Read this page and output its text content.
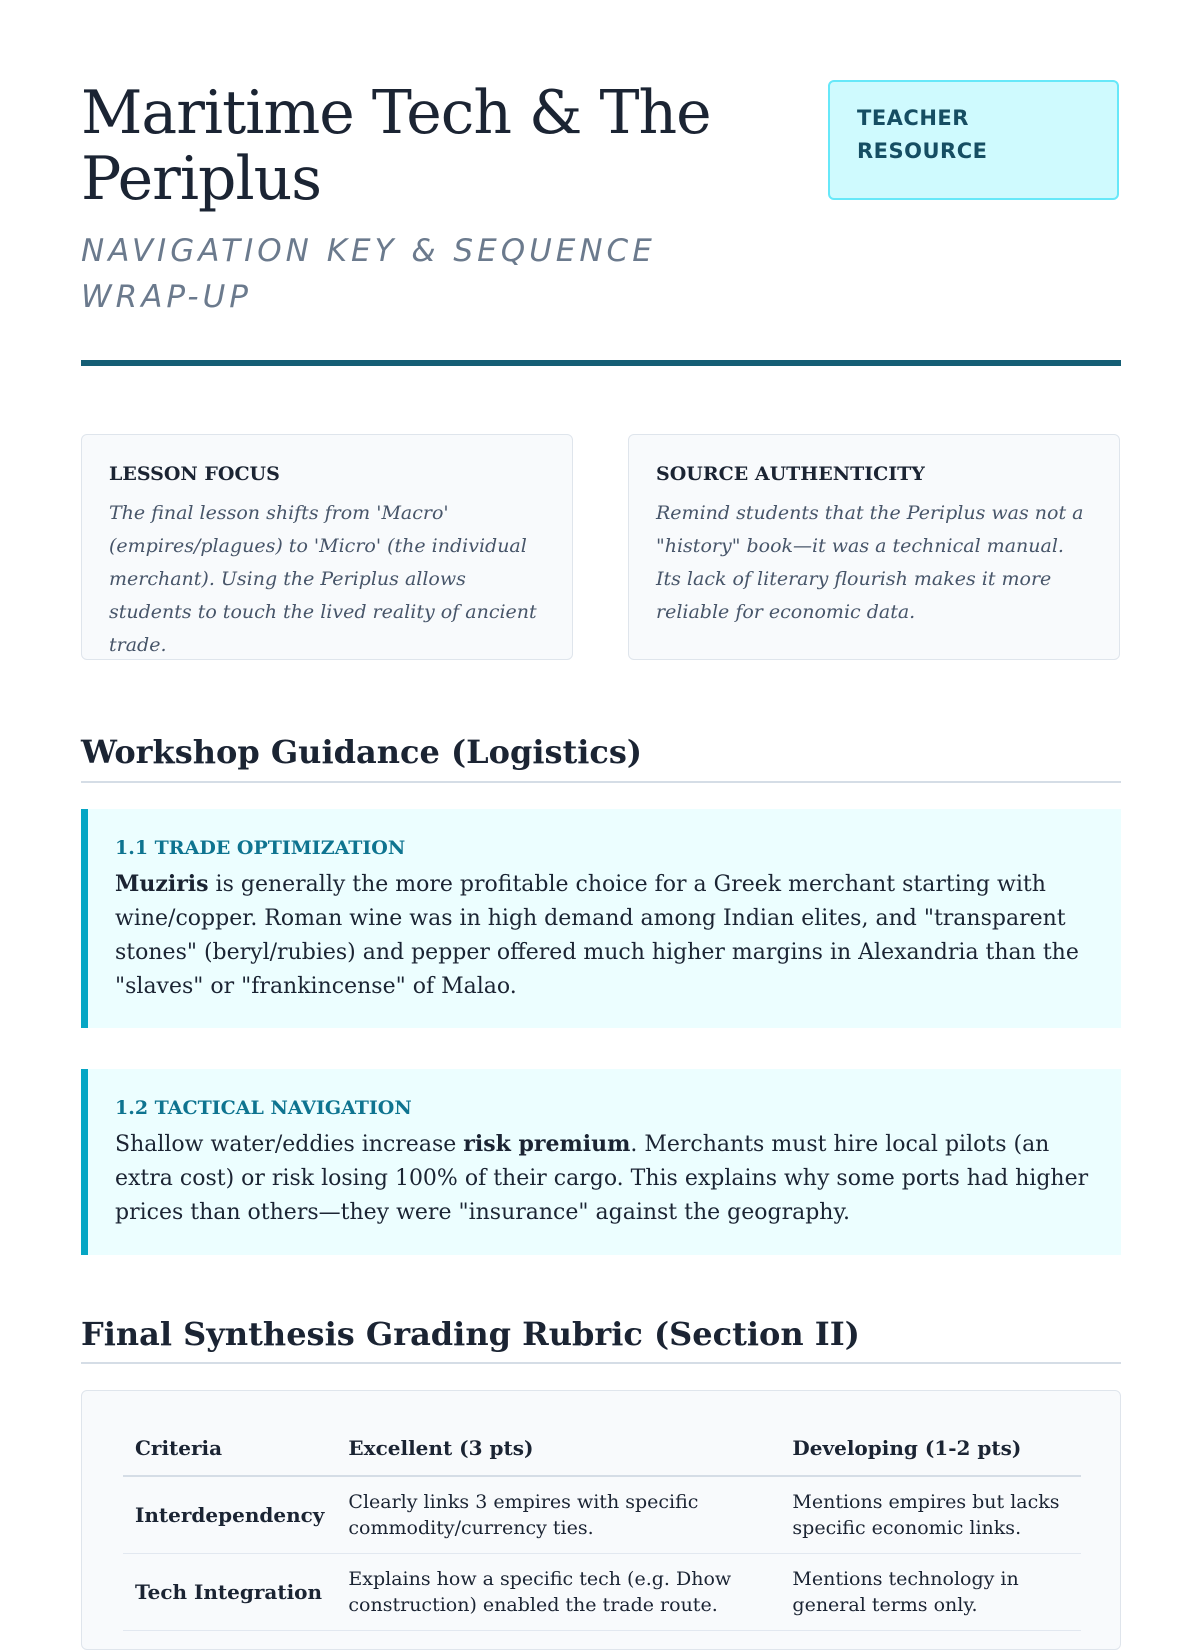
Maritime Tech & The Periplus
NAVIGATION KEY & SEQUENCE WRAP-UP
TEACHER
RESOURCE
LESSON FOCUS

The final lesson shifts from 'Macro' (empires/plagues) to 'Micro' (the individual merchant). Using the Periplus allows students to touch the lived reality of ancient trade.

SOURCE AUTHENTICITY

Remind students that the Periplus was not a "history" book—it was a technical manual. Its lack of literary flourish makes it more reliable for economic data.

Workshop Guidance (Logistics)
1.1 TRADE OPTIMIZATION

Muziris is generally the more profitable choice for a Greek merchant starting with wine/copper. Roman wine was in high demand among Indian elites, and "transparent stones" (beryl/rubies) and pepper offered much higher margins in Alexandria than the "slaves" or "frankincense" of Malao.

1.2 TACTICAL NAVIGATION

Shallow water/eddies increase risk premium. Merchants must hire local pilots (an extra cost) or risk losing 100% of their cargo. This explains why some ports had higher prices than others—they were "insurance" against the geography.

Final Synthesis Grading Rubric (Section II)
Criteria	Excellent (3 pts)	Developing (1-2 pts)
Interdependency	Clearly links 3 empires with specific commodity/currency ties.	Mentions empires but lacks specific economic links.
Tech Integration	Explains how a specific tech (e.g. Dhow construction) enabled the trade route.	Mentions technology in general terms only.
